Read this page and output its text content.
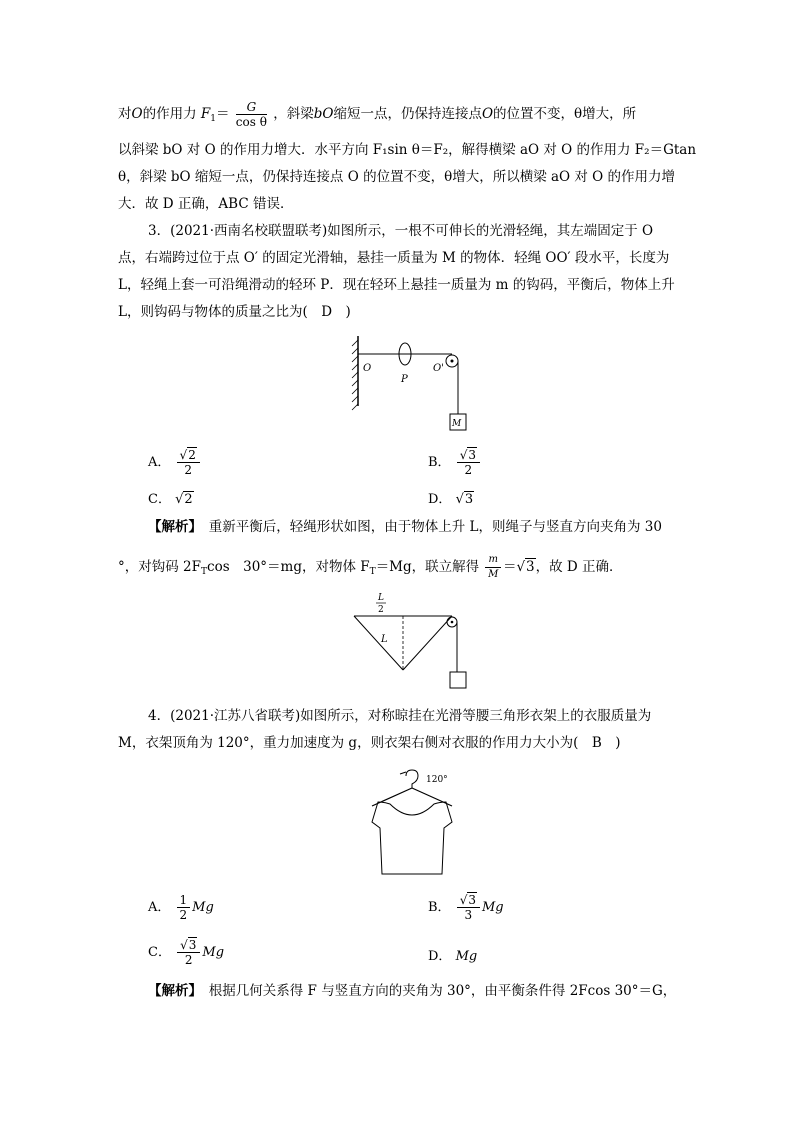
对O的作用力 $F_1= \frac{G}{\text{cos θ}}$ ，斜梁bO缩短一点，仍保持连接点O的位置不变，θ增大，所
以斜梁 bO 对 O 的作用力增大．水平方向 F₁sin θ＝F₂，解得横梁 aO 对 O 的作用力 F₂＝Gtan
θ，斜梁 bO 缩短一点，仍保持连接点 O 的位置不变，θ增大，所以横梁 aO 对 O 的作用力增
大．故 D 正确，ABC 错误．
3．(2021·西南名校联盟联考)如图所示，一根不可伸长的光滑轻绳，其左端固定于 O
点，右端跨过位于点 O′ 的固定光滑轴，悬挂一质量为 M 的物体．轻绳 OO′ 段水平，长度为
L，轻绳上套一可沿绳滑动的轻环 P．现在轻环上悬挂一质量为 m 的钩码，平衡后，物体上升
L，则钩码与物体的质量之比为(　D　)
O
P
O'
M
A． $\frac{√2}{2}$	B． $\frac{√3}{2}$
C． √2	D． √3
【解析】　重新平衡后，轻绳形状如图，由于物体上升 L，则绳子与竖直方向夹角为 30
°，对钩码 $2F_T\cos$　30°＝mg，对物体 $F_T=Mg$，联立解得 $\frac{m}{M} =√3$，故 D 正确．
L
2
L
4．(2021·江苏八省联考)如图所示，对称晾挂在光滑等腰三角形衣架上的衣服质量为
M，衣架顶角为 120°，重力加速度为 g，则衣架右侧对衣服的作用力大小为(　B　)
120°
A． $\frac{1}{2}$ Mg	B． $\frac{√3}{3}$ Mg
C． $\frac{√3}{2}$ Mg	D． Mg
【解析】　根据几何关系得 F 与竖直方向的夹角为 30°，由平衡条件得 2Fcos 30°＝G，
